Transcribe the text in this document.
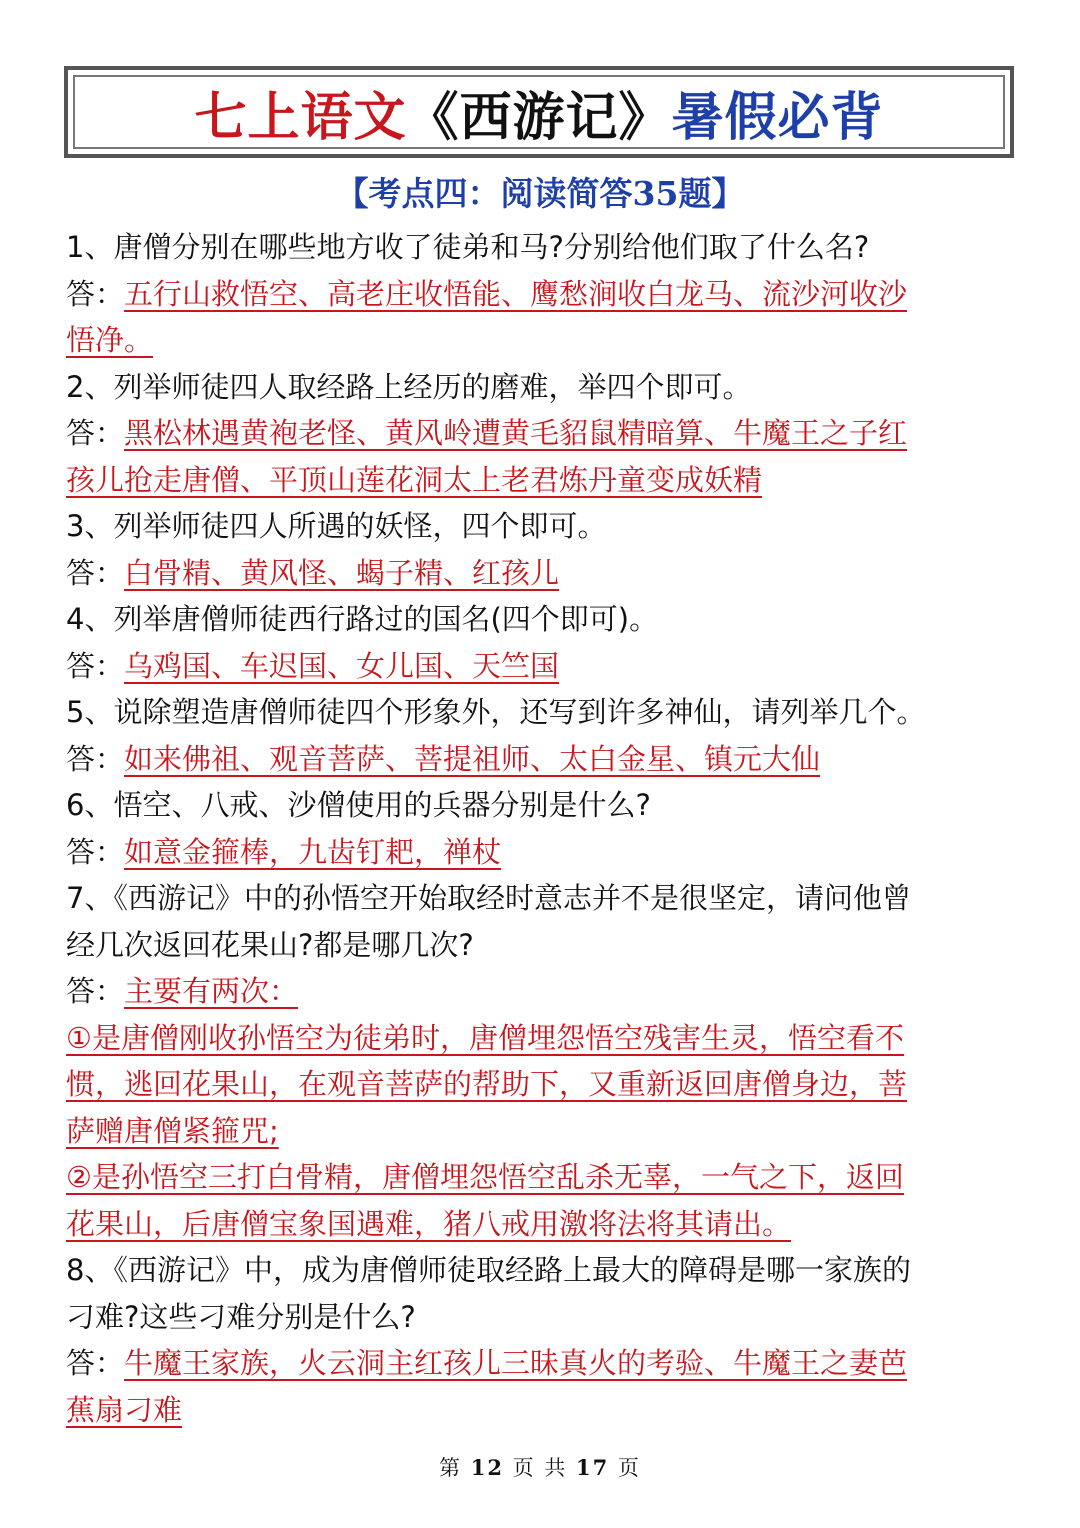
七上语文 《西游记》 暑假必背
【考点四：阅读简答35题】
1、唐僧分别在哪些地方收了徒弟和马?分别给他们取了什么名?
答：五行山救悟空、高老庄收悟能、鹰愁涧收白龙马、流沙河收沙
悟净。
2、列举师徒四人取经路上经历的磨难，举四个即可。
答：黑松林遇黄袍老怪、黄风岭遭黄毛貂鼠精暗算、牛魔王之子红
孩儿抢走唐僧、平顶山莲花洞太上老君炼丹童变成妖精
3、列举师徒四人所遇的妖怪，四个即可。
答：白骨精、黄风怪、蝎子精、红孩儿
4、列举唐僧师徒西行路过的国名(四个即可)。
答：乌鸡国、车迟国、女儿国、天竺国
5、说除塑造唐僧师徒四个形象外，还写到许多神仙，请列举几个。
答：如来佛祖、观音菩萨、菩提祖师、太白金星、镇元大仙
6、悟空、八戒、沙僧使用的兵器分别是什么?
答：如意金箍棒，九齿钉耙，禅杖
7、《西游记》中的孙悟空开始取经时意志并不是很坚定，请问他曾
经几次返回花果山?都是哪几次?
答：主要有两次：
①是唐僧刚收孙悟空为徒弟时，唐僧埋怨悟空残害生灵，悟空看不
惯，逃回花果山，在观音菩萨的帮助下，又重新返回唐僧身边，菩
萨赠唐僧紧箍咒;
②是孙悟空三打白骨精，唐僧埋怨悟空乱杀无辜，一气之下，返回
花果山，后唐僧宝象国遇难，猪八戒用激将法将其请出。
8、《西游记》中，成为唐僧师徒取经路上最大的障碍是哪一家族的
刁难?这些刁难分别是什么?
答：牛魔王家族，火云洞主红孩儿三昧真火的考验、牛魔王之妻芭
蕉扇刁难
第 12 页 共 17 页
